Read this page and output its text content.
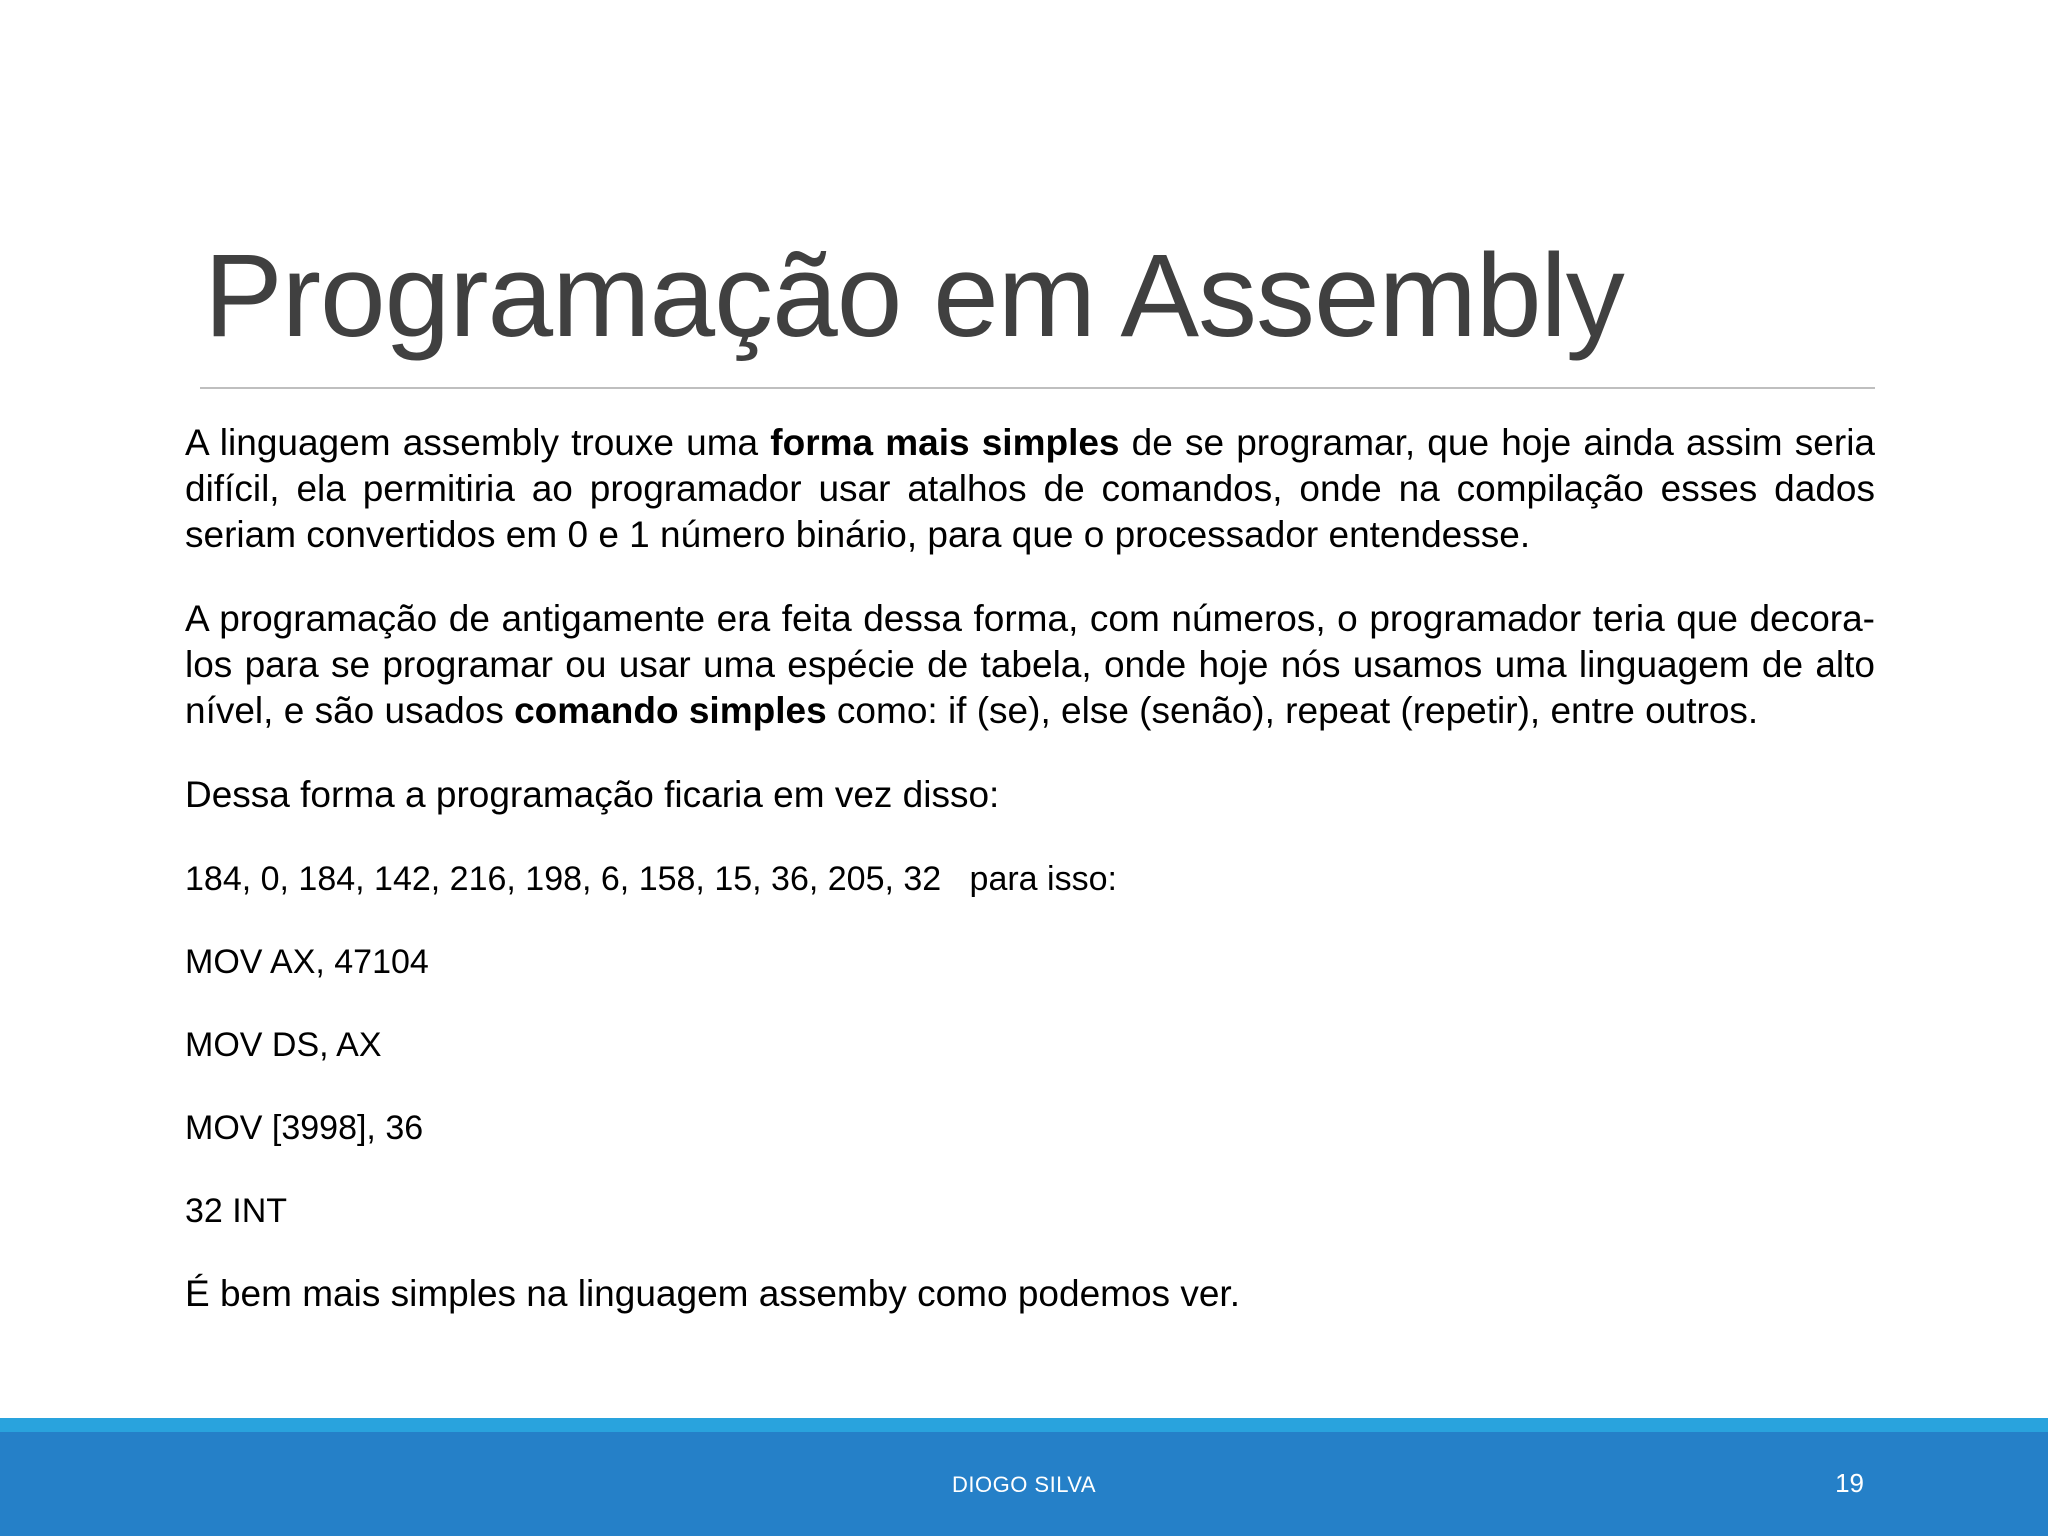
Programação em Assembly

A linguagem assembly trouxe uma forma mais simples de se programar, que hoje ainda assim seria difícil, ela permitiria ao programador usar atalhos de comandos, onde na compilação esses dados seriam convertidos em 0 e 1 número binário, para que o processador entendesse.

A programação de antigamente era feita dessa forma, com números, o programador teria que decora-los para se programar ou usar uma espécie de tabela, onde hoje nós usamos uma linguagem de alto nível, e são usados comando simples como: if (se), else (senão), repeat (repetir), entre outros.

Dessa forma a programação ficaria em vez disso:

184, 0, 184, 142, 216, 198, 6, 158, 15, 36, 205, 32 para isso:

MOV AX, 47104

MOV DS, AX

MOV [3998], 36

32 INT

É bem mais simples na linguagem assemby como podemos ver.

DIOGO SILVA	19
